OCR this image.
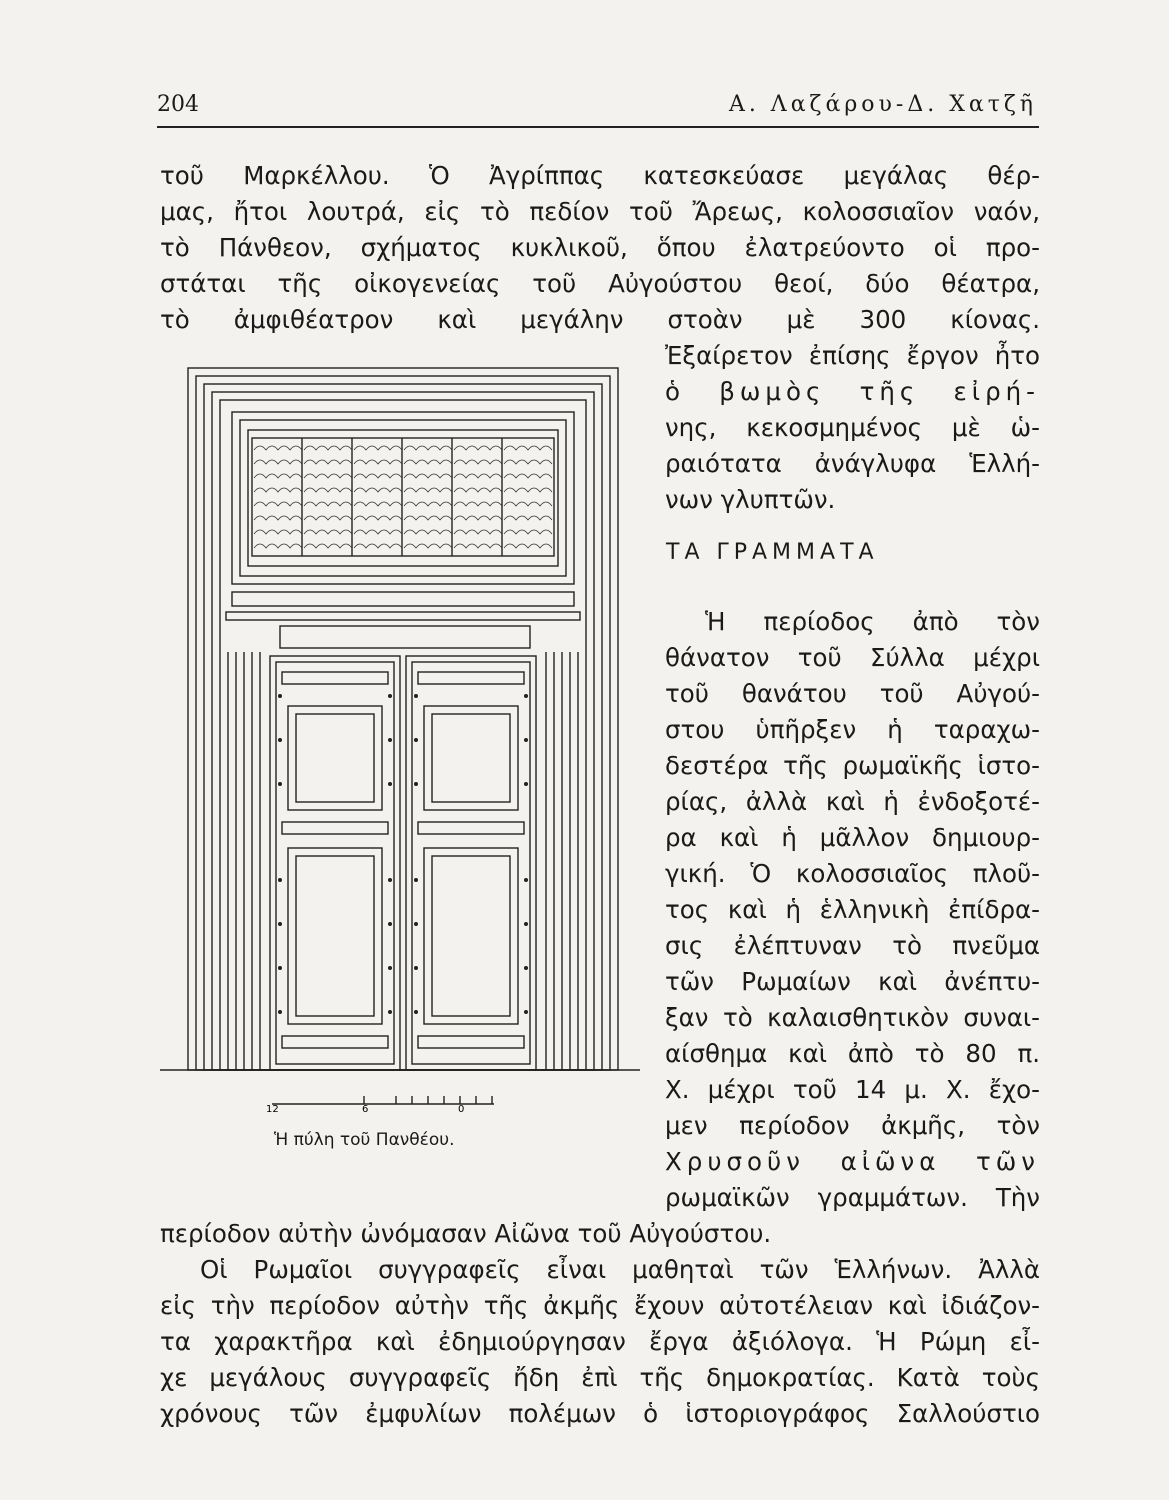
204	Α. Λαζάρου-Δ. Χατζῆ
τοῦ Μαρκέλλου. Ὁ Ἀγρίππας κατεσκεύασε μεγάλας θέρ-
μας, ἤτοι λουτρά, εἰς τὸ πεδίον τοῦ Ἄρεως, κολοσσιαῖον ναόν,
τὸ Πάνθεον, σχήματος κυκλικοῦ, ὅπου ἐλατρεύοντο οἱ προ-
στάται τῆς οἰκογενείας τοῦ Αὐγούστου θεοί, δύο θέατρα,
τὸ ἀμφιθέατρον καὶ μεγάλην στοὰν μὲ 300 κίονας.
Ἐξαίρετον ἐπίσης ἔργον ἦτο
ὁ βωμὸς τῆς εἰρή-
νης, κεκοσμημένος μὲ ὡ-
ραιότατα ἀνάγλυφα Ἑλλή-
νων γλυπτῶν.
ΤΑ ΓΡΑΜΜΑΤΑ
Ἡ περίοδος ἀπὸ τὸν
θάνατον τοῦ Σύλλα μέχρι
τοῦ θανάτου τοῦ Αὐγού-
στου ὑπῆρξεν ἡ ταραχω-
δεστέρα τῆς ρωμαϊκῆς ἱστο-
ρίας, ἀλλὰ καὶ ἡ ἐνδοξοτέ-
ρα καὶ ἡ μᾶλλον δημιουρ-
γική. Ὁ κολοσσιαῖος πλοῦ-
τος καὶ ἡ ἑλληνικὴ ἐπίδρα-
σις ἐλέπτυναν τὸ πνεῦμα
τῶν Ρωμαίων καὶ ἀνέπτυ-
ξαν τὸ καλαισθητικὸν συναι-
αίσθημα καὶ ἀπὸ τὸ 80 π.
Χ. μέχρι τοῦ 14 μ. Χ. ἔχο-
μεν περίοδον ἀκμῆς, τὸν
Χρυσοῦν αἰῶνα τῶν
ρωμαϊκῶν γραμμάτων. Τὴν
περίοδον αὐτὴν ὠνόμασαν Αἰῶνα τοῦ Αὐγούστου.
Οἱ Ρωμαῖοι συγγραφεῖς εἶναι μαθηταὶ τῶν Ἑλλήνων. Ἀλλὰ
εἰς τὴν περίοδον αὐτὴν τῆς ἀκμῆς ἔχουν αὐτοτέλειαν καὶ ἰδιάζον-
τα χαρακτῆρα καὶ ἐδημιούργησαν ἔργα ἀξιόλογα. Ἡ Ρώμη εἶ-
χε μεγάλους συγγραφεῖς ἤδη ἐπὶ τῆς δημοκρατίας. Κατὰ τοὺς
χρόνους τῶν ἐμφυλίων πολέμων ὁ ἱστοριογράφος Σαλλούστιο
12	6	0
Ἡ πύλη τοῦ Πανθέου.
